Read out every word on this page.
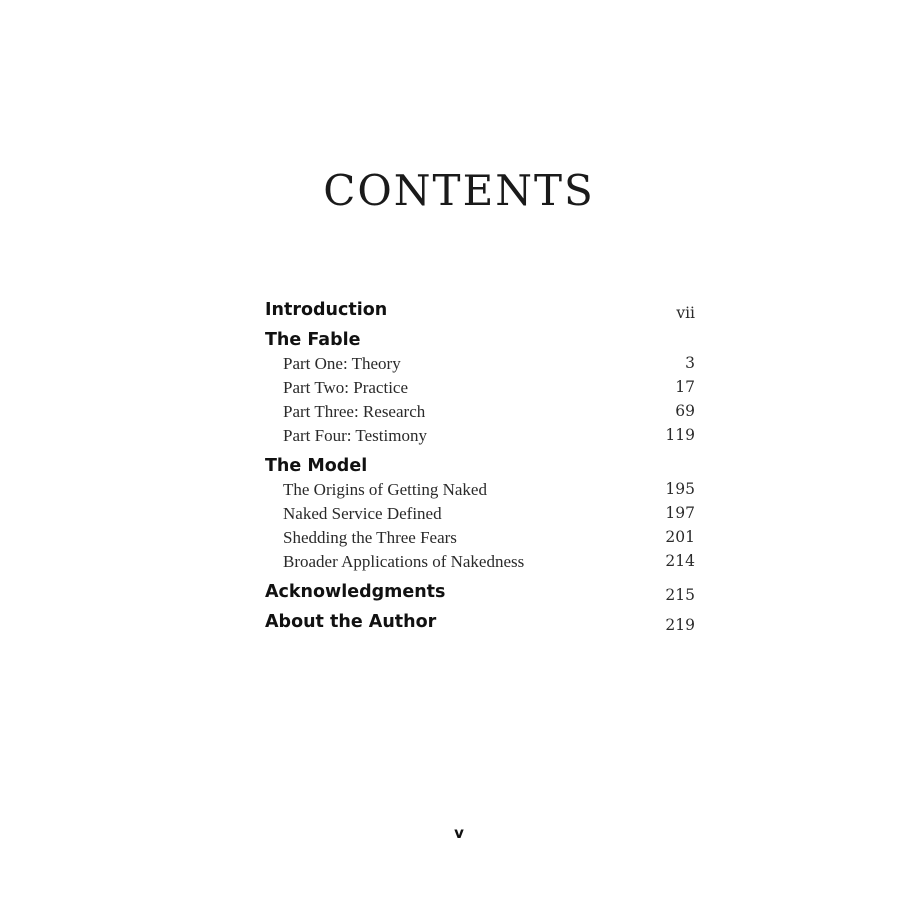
CONTENTS
Introduction	vii
The Fable
Part One: Theory	3
Part Two: Practice	17
Part Three: Research	69
Part Four: Testimony	119
The Model
The Origins of Getting Naked	195
Naked Service Defined	197
Shedding the Three Fears	201
Broader Applications of Nakedness	214
Acknowledgments	215
About the Author	219
v
